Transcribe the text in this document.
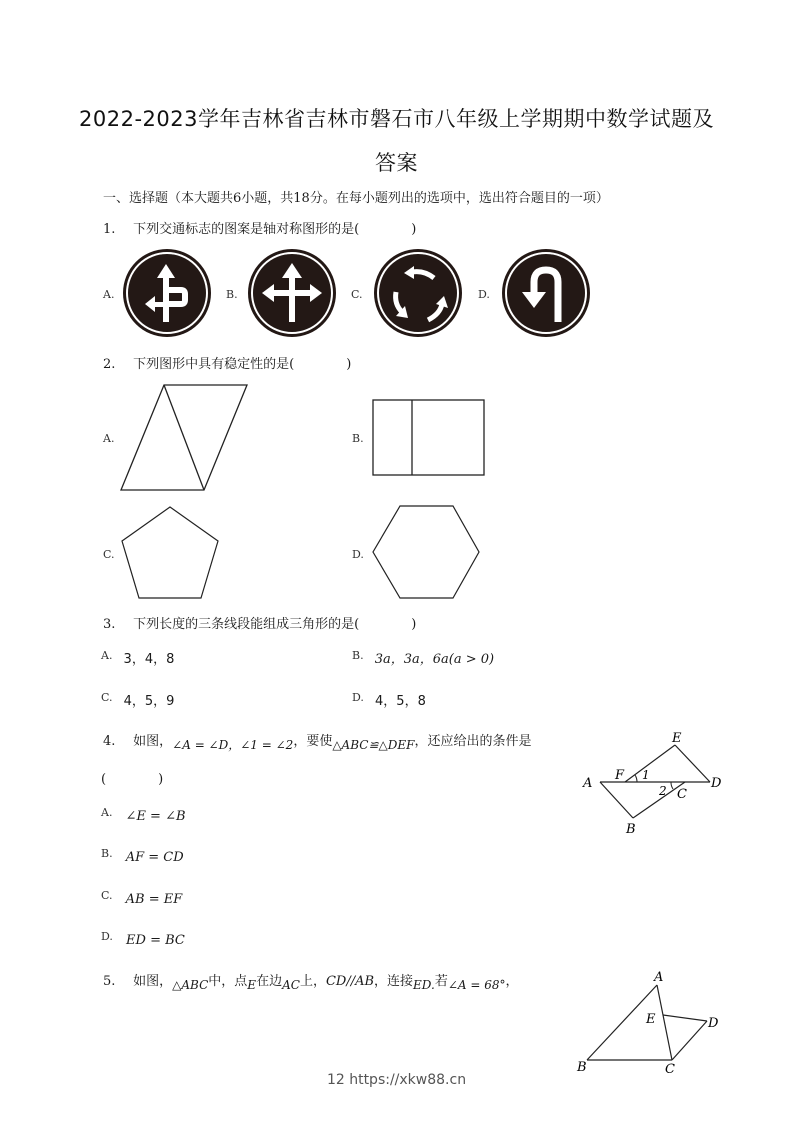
2022-2023学年吉林省吉林市磐石市八年级上学期期中数学试题及
答案
一、选择题（本大题共6小题，共18分。在每小题列出的选项中，选出符合题目的一项）
1. 下列交通标志的图案是轴对称图形的是(　　　　)
A.	B.	C.	D.
2. 下列图形中具有稳定性的是(　　　　)
A.	B.
C.	D.
3. 下列长度的三条线段能组成三角形的是(　　　　)
$^{A.}$ 3，4，8	$^{B.}$ 3a，3a，6a(a > 0)
$^{C.}$ 4，5，9	$^{D.}$ 4，5，8
4. 如图，∠A = ∠D，∠1 = ∠2，要使△ABC≌△DEF，还应给出的条件是
(　　　　)
E
A
F 1
D
2 C
B
$^{A.}$ ∠E = ∠B
$^{B.}$ AF = CD
$^{C.}$ AB = EF
$^{D.}$ ED = BC
5. 如图，△ABC中，点E在边AC上，CD//AB，连接ED.若∠A = 68°，	A
E	D
B	C
12 https://xkw88.cn
